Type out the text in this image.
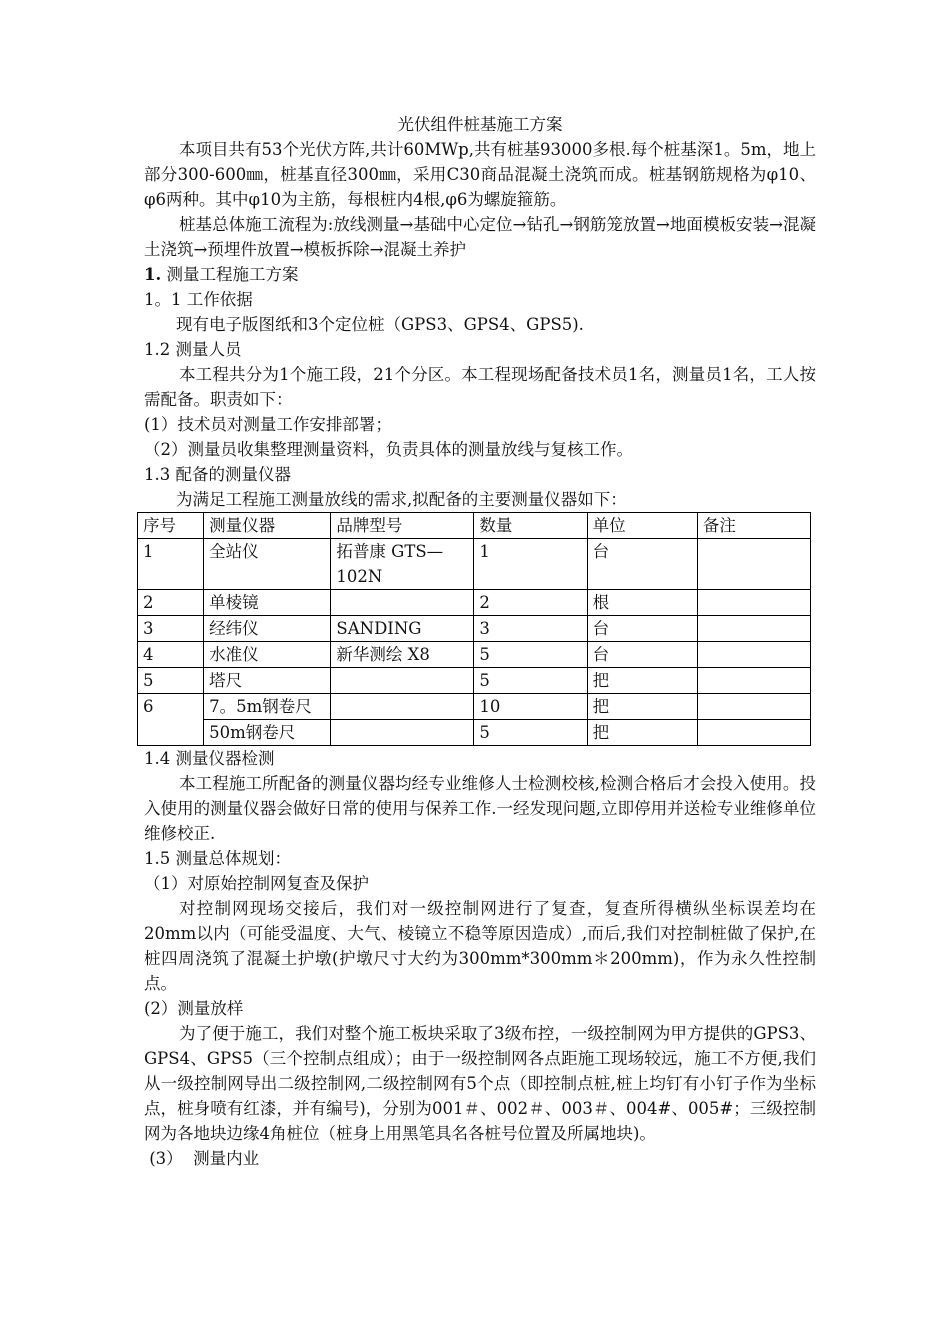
光伏组件桩基施工方案

本项目共有53个光伏方阵,共计60MWp,共有桩基93000多根.每个桩基深1。5m，地上部分300-600㎜，桩基直径300㎜，采用C30商品混凝土浇筑而成。桩基钢筋规格为φ10、φ6两种。其中φ10为主筋，每根桩内4根,φ6为螺旋箍筋。

桩基总体施工流程为:放线测量→基础中心定位→钻孔→钢筋笼放置→地面模板安装→混凝土浇筑→预埋件放置→模板拆除→混凝土养护

1. 测量工程施工方案

1。1 工作依据

现有电子版图纸和3个定位桩（GPS3、GPS4、GPS5).

1.2 测量人员

本工程共分为1个施工段，21个分区。本工程现场配备技术员1名，测量员1名，工人按需配备。职责如下：

(1）技术员对测量工作安排部署；

（2）测量员收集整理测量资料，负责具体的测量放线与复核工作。

1.3 配备的测量仪器

为满足工程施工测量放线的需求,拟配备的主要测量仪器如下：

序号	测量仪器	品牌型号	数量	单位	备注
1	全站仪	拓普康 GTS—102N	1	台	
2	单棱镜		2	根	
3	经纬仪	SANDING	3	台	
4	水准仪	新华测绘 X8	5	台	
5	塔尺		5	把	
6	7。5m钢卷尺		10	把	
	50m钢卷尺		5	把	

1.4 测量仪器检测

本工程施工所配备的测量仪器均经专业维修人士检测校核,检测合格后才会投入使用。投入使用的测量仪器会做好日常的使用与保养工作.一经发现问题,立即停用并送检专业维修单位维修校正.

1.5 测量总体规划：

（1）对原始控制网复查及保护

对控制网现场交接后，我们对一级控制网进行了复查，复查所得横纵坐标误差均在20mm以内（可能受温度、大气、棱镜立不稳等原因造成）,而后,我们对控制桩做了保护,在桩四周浇筑了混凝土护墩(护墩尺寸大约为300mm*300mm＊200mm)，作为永久性控制点。

(2）测量放样

为了便于施工，我们对整个施工板块采取了3级布控，一级控制网为甲方提供的GPS3、GPS4、GPS5（三个控制点组成）；由于一级控制网各点距施工现场较远，施工不方便,我们从一级控制网导出二级控制网,二级控制网有5个点（即控制点桩,桩上均钉有小钉子作为坐标点，桩身喷有红漆，并有编号)，分别为001＃、002＃、003＃、004#、005#；三级控制网为各地块边缘4角桩位（桩身上用黑笔具名各桩号位置及所属地块)。

(3）  测量内业
